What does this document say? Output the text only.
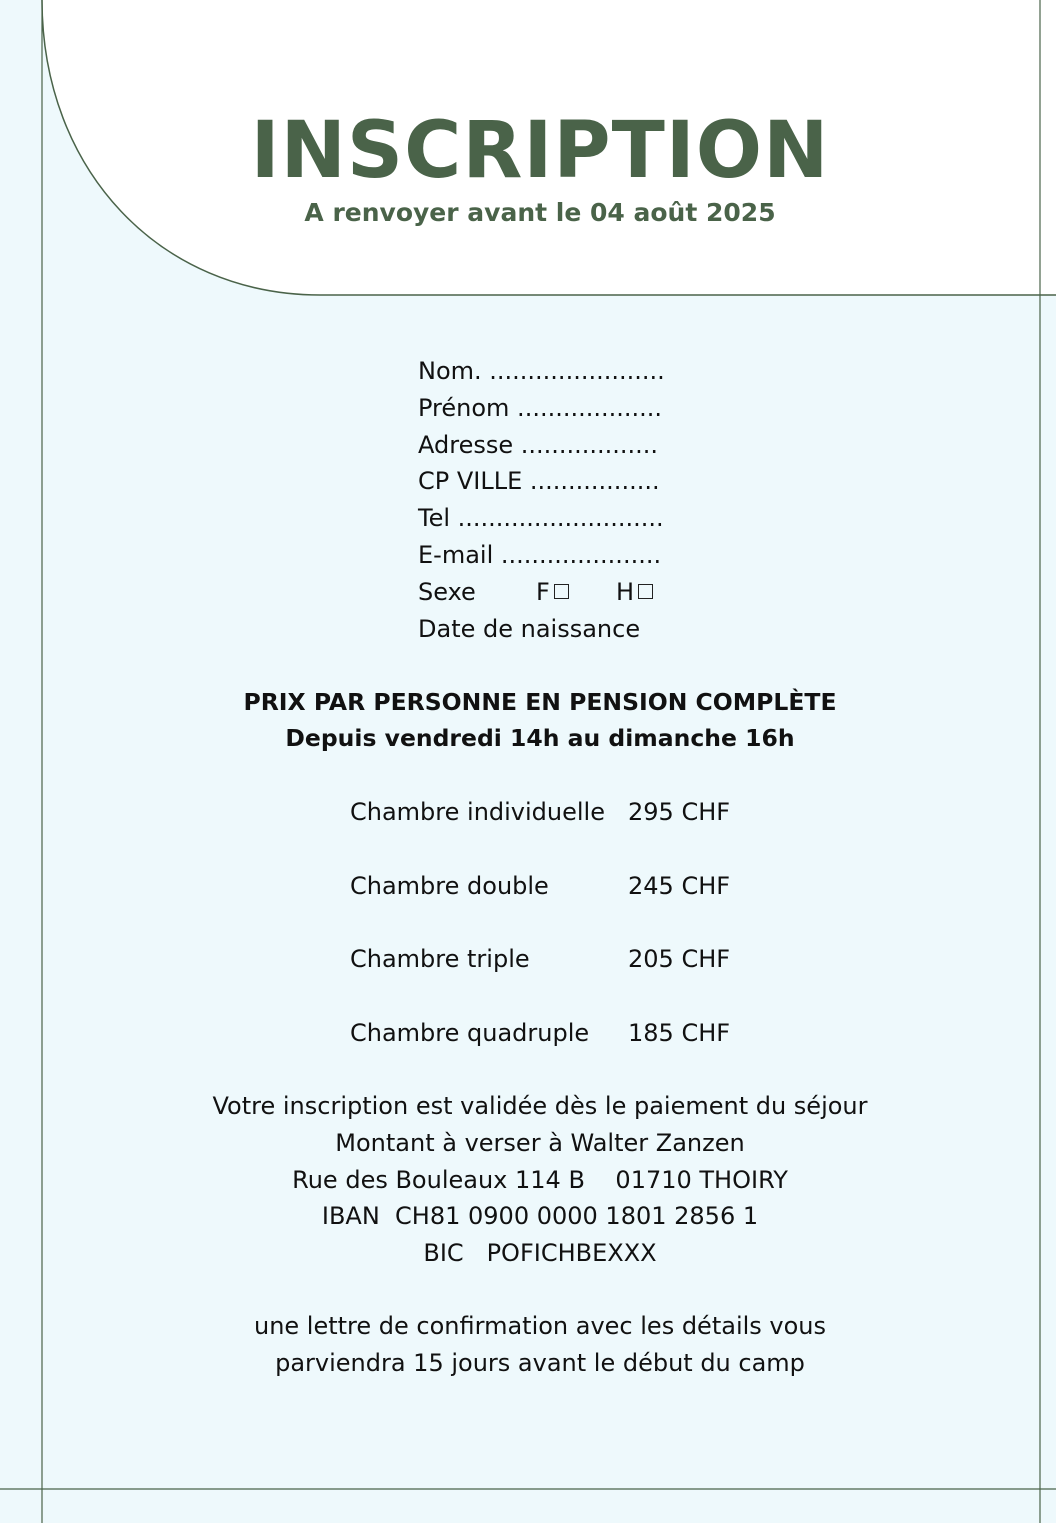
INSCRIPTION
A renvoyer avant le 04 août 2025
Nom. .......................
Prénom ...................
Adresse ..................
CP VILLE .................
Tel ...........................
E-mail .....................
Sexe	F	H
Date de naissance
PRIX PAR PERSONNE EN PENSION COMPLÈTE
Depuis vendredi 14h au dimanche 16h
Chambre individuelle 295 CHF
Chambre double	245 CHF
Chambre triple	205 CHF
Chambre quadruple 185 CHF
Votre inscription est validée dès le paiement du séjour
Montant à verser à Walter Zanzen
Rue des Bouleaux 114 B    01710 THOIRY
IBAN  CH81 0900 0000 1801 2856 1
BIC   POFICHBEXXX
une lettre de confirmation avec les détails vous
parviendra 15 jours avant le début du camp
